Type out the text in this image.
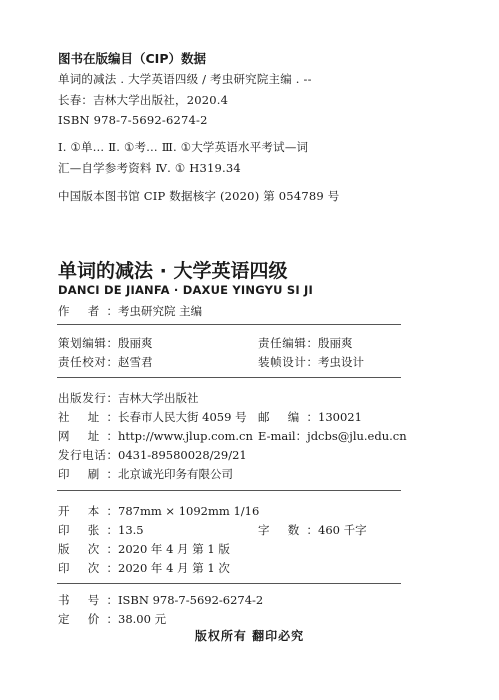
图书在版编目（CIP）数据
单词的减法 . 大学英语四级 / 考虫研究院主编 . --
长春：吉林大学出版社，2020.4
ISBN 978-7-5692-6274-2
Ⅰ. ①单… Ⅱ. ①考… Ⅲ. ①大学英语水平考试—词
汇—自学参考资料 Ⅳ. ① H319.34
中国版本图书馆 CIP 数据核字 (2020) 第 054789 号
单词的减法 · 大学英语四级
DANCI DE JIANFA · DAXUE YINGYU SI JI
作 者：考虫研究院 主编
策划编辑：殷丽爽	责任编辑：殷丽爽
责任校对：赵雪君	装帧设计：考虫设计
出版发行：吉林大学出版社
社 址：长春市人民大街 4059 号 邮 编：130021
网 址：http://www.jlup.com.cn E-mail：jdcbs@jlu.edu.cn
发行电话：0431-89580028/29/21
印 刷：北京诚光印务有限公司
开 本：787mm × 1092mm 1/16
印 张：13.5	字 数：460 千字
版 次：2020 年 4 月 第 1 版
印 次：2020 年 4 月 第 1 次
书 号：ISBN 978-7-5692-6274-2
定 价：38.00 元
版权所有 翻印必究
